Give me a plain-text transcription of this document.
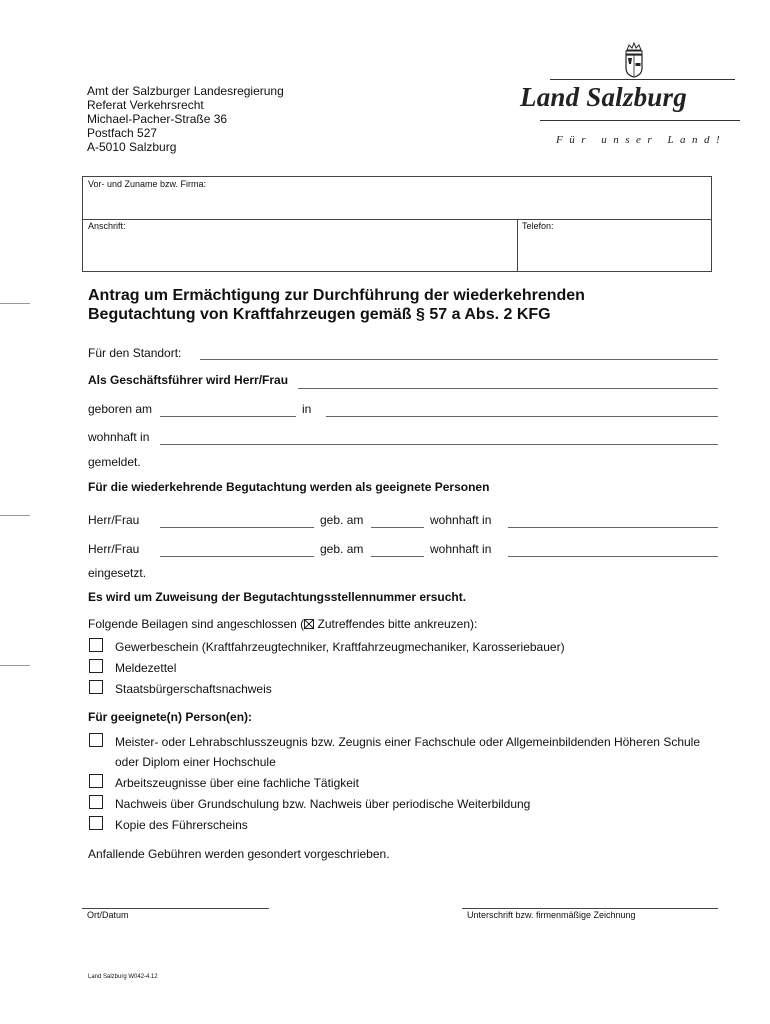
Amt der Salzburger Landesregierung
Referat Verkehrsrecht
Michael-Pacher-Straße 36
Postfach 527
A-5010 Salzburg
Land Salzburg
Für unser Land!
Vor- und Zuname bzw. Firma:
Anschrift:	Telefon:
Antrag um Ermächtigung zur Durchführung der wiederkehrenden
Begutachtung von Kraftfahrzeugen gemäß § 57 a Abs. 2 KFG
Für den Standort:
Als Geschäftsführer wird Herr/Frau
geboren am	in
wohnhaft in
gemeldet.
Für die wiederkehrende Begutachtung werden als geeignete Personen
Herr/Frau	geb. am	wohnhaft in
Herr/Frau	geb. am	wohnhaft in
eingesetzt.
Es wird um Zuweisung der Begutachtungsstellennummer ersucht.
Folgende Beilagen sind angeschlossen ( Zutreffendes bitte ankreuzen):
Gewerbeschein (Kraftfahrzeugtechniker, Kraftfahrzeugmechaniker, Karosseriebauer)
Meldezettel
Staatsbürgerschaftsnachweis
Für geeignete(n) Person(en):
Meister- oder Lehrabschlusszeugnis bzw. Zeugnis einer Fachschule oder Allgemeinbildenden Höheren Schule
oder Diplom einer Hochschule
Arbeitszeugnisse über eine fachliche Tätigkeit
Nachweis über Grundschulung bzw. Nachweis über periodische Weiterbildung
Kopie des Führerscheins
Anfallende Gebühren werden gesondert vorgeschrieben.
Ort/Datum	Unterschrift bzw. firmenmäßige Zeichnung
Land Salzburg W042-4.12
